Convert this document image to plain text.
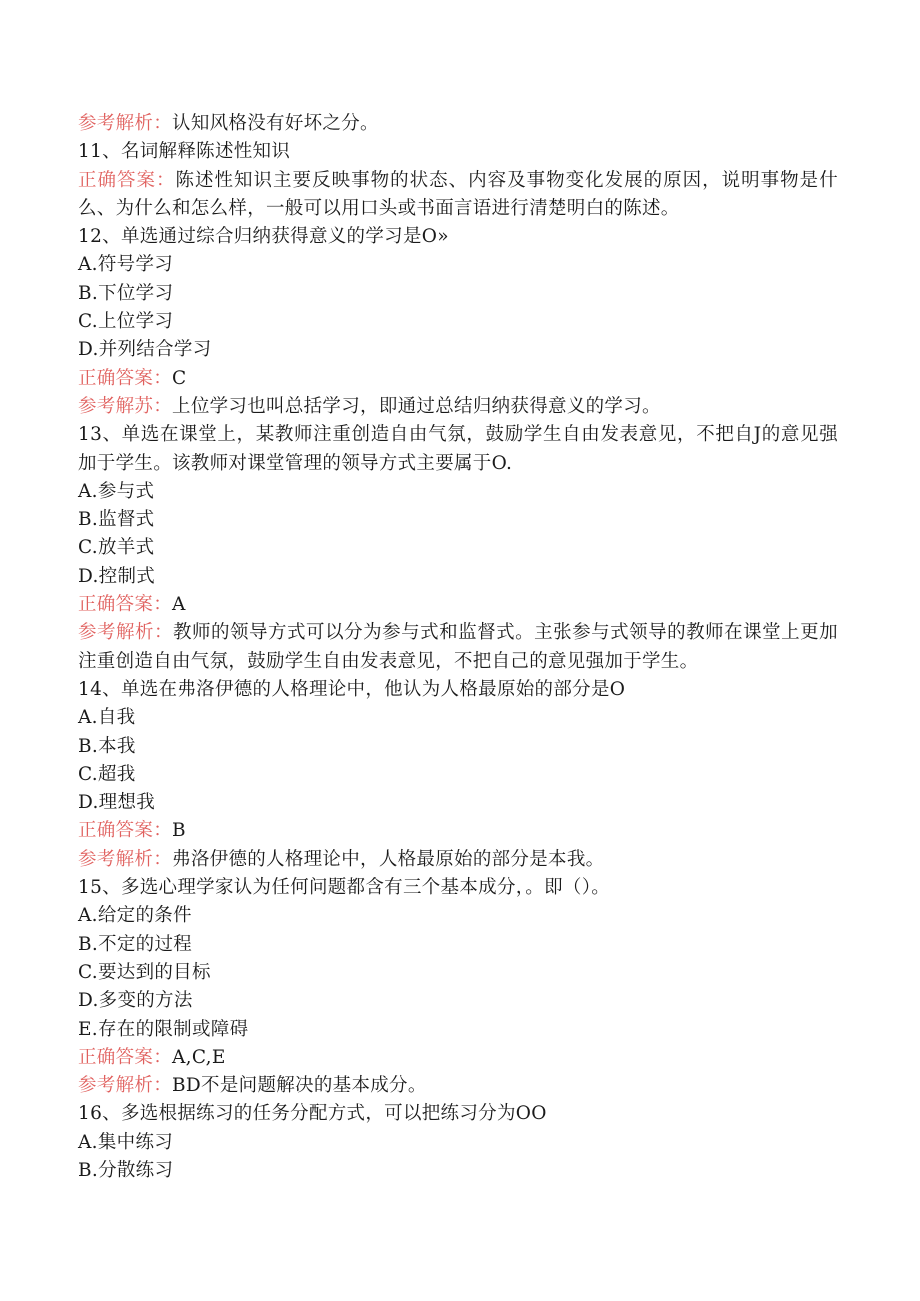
参考解析：认知风格没有好坏之分。
11、名词解释陈述性知识
正确答案：陈述性知识主要反映事物的状态、内容及事物变化发展的原因，说明事物是什么、为什么和怎么样，一般可以用口头或书面言语进行清楚明白的陈述。
12、单选通过综合归纳获得意义的学习是O»
A.符号学习
B.下位学习
C.上位学习
D.并列结合学习
正确答案：C
参考解苏：上位学习也叫总括学习，即通过总结归纳获得意义的学习。
13、单选在课堂上，某教师注重创造自由气氛，鼓励学生自由发表意见，不把自J的意见强加于学生。该教师对课堂管理的领导方式主要属于O.
A.参与式
B.监督式
C.放羊式
D.控制式
正确答案：A
参考解析：教师的领导方式可以分为参与式和监督式。主张参与式领导的教师在课堂上更加注重创造自由气氛，鼓励学生自由发表意见，不把自己的意见强加于学生。
14、单选在弗洛伊德的人格理论中，他认为人格最原始的部分是O
A.自我
B.本我
C.超我
D.理想我
正确答案：B
参考解析：弗洛伊德的人格理论中，人格最原始的部分是本我。
15、多选心理学家认为任何问题都含有三个基本成分，。即（）。
A.给定的条件
B.不定的过程
C.要达到的目标
D.多变的方法
E.存在的限制或障碍
正确答案：A,C,E
参考解析：BD不是问题解决的基本成分。
16、多选根据练习的任务分配方式，可以把练习分为OO
A.集中练习
B.分散练习
